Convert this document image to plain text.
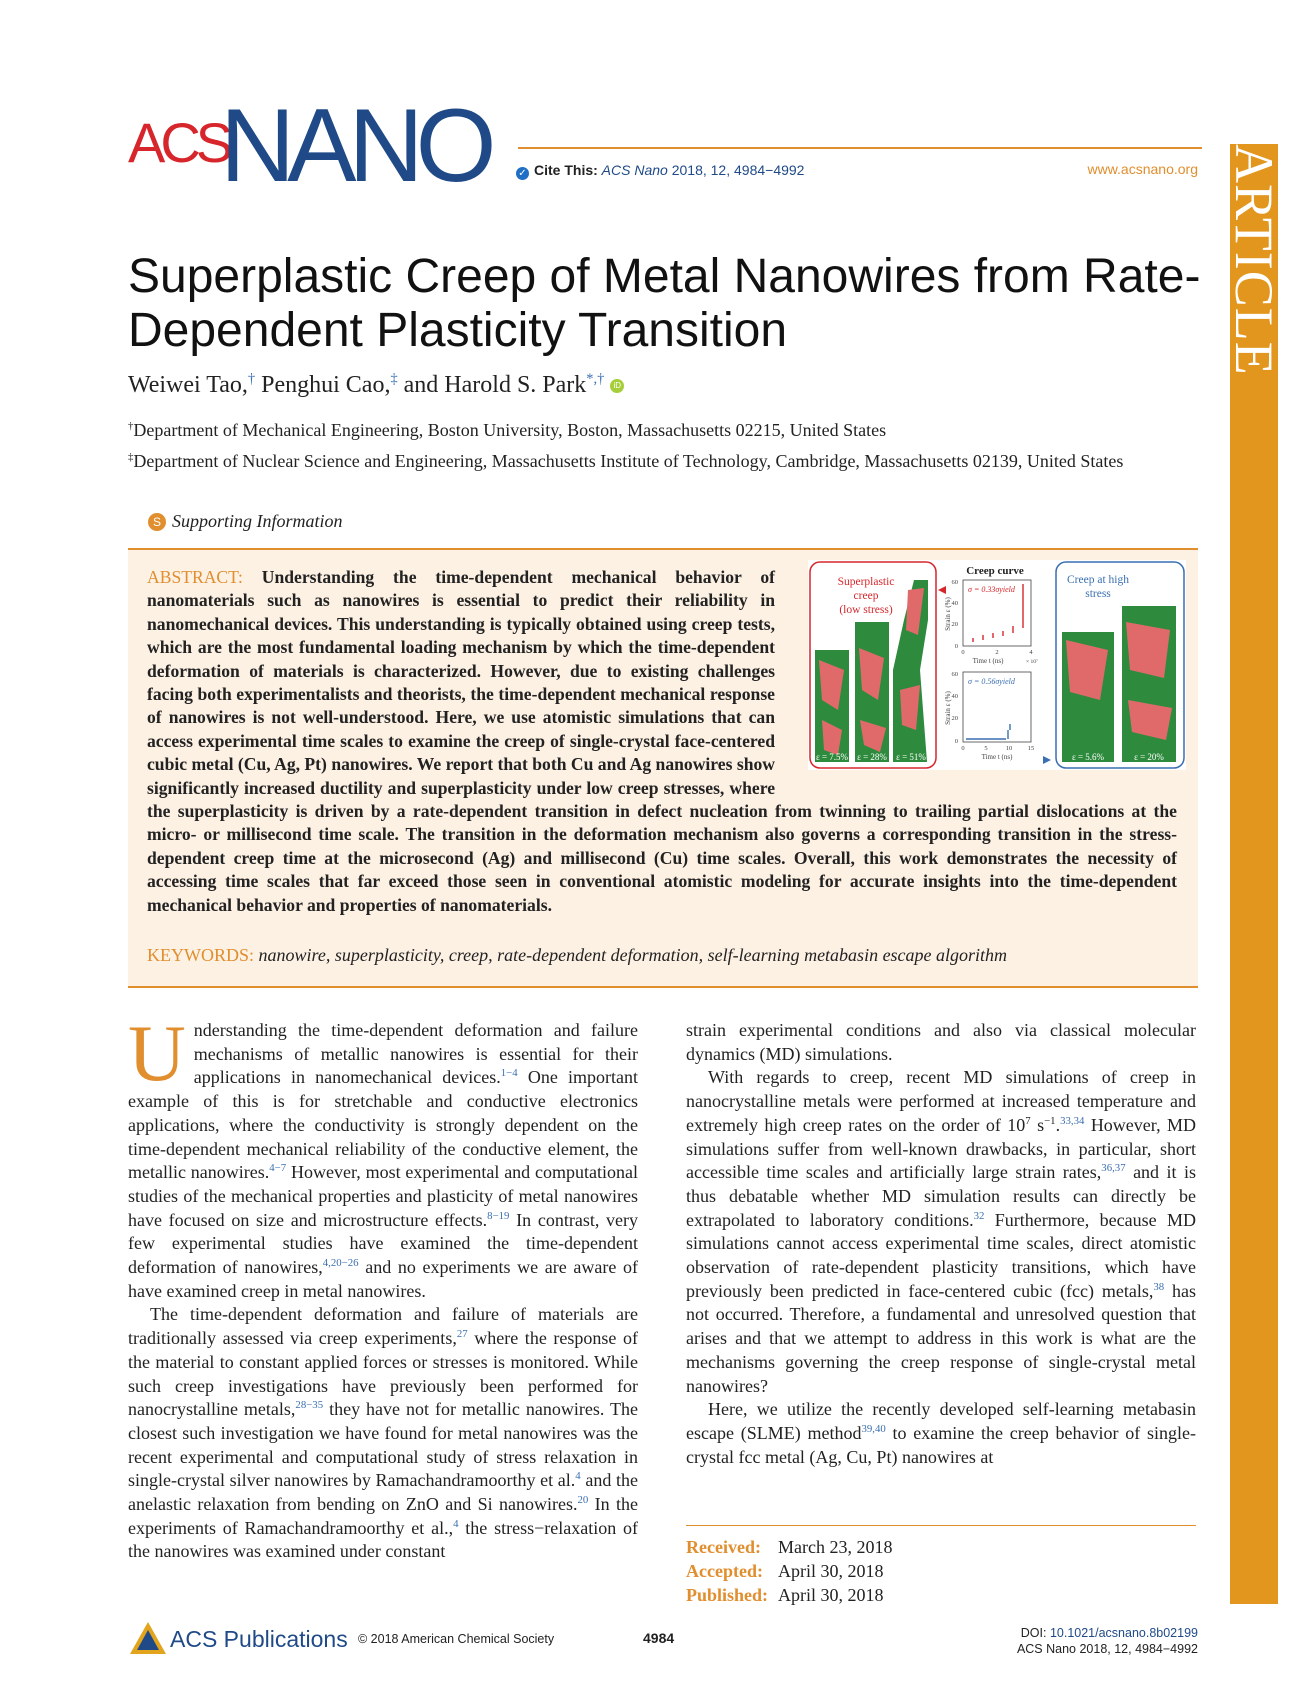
ACS
NANO	✓ Cite This: ACS Nano 2018, 12, 4984−4992	www.acsnano.org ARTICLE
Superplastic Creep of Metal Nanowires from Rate-Dependent Plasticity Transition
Weiwei Tao,† Penghui Cao,‡ and Harold S. Park*,† iD
†Department of Mechanical Engineering, Boston University, Boston, Massachusetts 02215, United States
‡Department of Nuclear Science and Engineering, Massachusetts Institute of Technology, Cambridge, Massachusetts 02139, United States
S Supporting Information
ABSTRACT: Understanding the time-dependent mechanical behavior of nanomaterials such as nanowires is essential to predict their reliability in nanomechanical devices. This understanding is typically obtained using creep tests, which are the most fundamental loading mechanism by which the time-dependent deformation of materials is characterized. However, due to existing challenges facing both experimentalists and theorists, the time-dependent mechanical response of nanowires is not well-understood. Here, we use atomistic simulations that can access experimental time scales to examine the creep of single-crystal face-centered cubic metal (Cu, Ag, Pt) nanowires. We report that both Cu and Ag nanowires show significantly increased ductility and superplasticity under low creep stresses, where the superplasticity is driven by a rate-dependent transition in defect nucleation from twinning to trailing partial dislocations at the micro- or millisecond time scale. The transition in the deformation mechanism also governs a corresponding transition in the stress-dependent creep time at the microsecond (Ag) and millisecond (Cu) time scales. Overall, this work demonstrates the necessity of accessing time scales that far exceed those seen in conventional atomistic modeling for accurate insights into the time-dependent mechanical behavior and properties of nanomaterials.
KEYWORDS: nanowire, superplasticity, creep, rate-dependent deformation, self-learning metabasin escape algorithm
Superplastic
creep
(low stress)
ε = 7.5% ε = 28% ε = 51%
Creep curve
σ = 0.33σyield
60
40
20
0
0	2	4
Time t (ns)	× 10⁷
Strain ε (%)
σ = 0.56σyield
60
40
20
0
0	5	10 15
Time t (ns)
Strain ε (%)
Creep at high
stress
ε = 5.6%	ε = 20%

Understanding the time-dependent deformation and failure mechanisms of metallic nanowires is essential for their applications in nanomechanical devices.$^{1-4}$ One important example of this is for stretchable and conductive electronics applications, where the conductivity is strongly dependent on the time-dependent mechanical reliability of the conductive element, the metallic nanowires.$^{4-7}$ However, most experimental and computational studies of the mechanical properties and plasticity of metal nanowires have focused on size and microstructure effects.$^{8-19}$ In contrast, very few experimental studies have examined the time-dependent deformation of nanowires,$^{4,20-26}$ and no experiments we are aware of have examined creep in metal nanowires.

The time-dependent deformation and failure of materials are traditionally assessed via creep experiments,$^{27}$ where the response of the material to constant applied forces or stresses is monitored. While such creep investigations have previously been performed for nanocrystalline metals,$^{28-35}$ they have not for metallic nanowires. The closest such investigation we have found for metal nanowires was the recent experimental and computational study of stress relaxation in single-crystal silver nanowires by Ramachandramoorthy et al.$^4$ and the anelastic relaxation from bending on ZnO and Si nanowires.$^{20}$ In the experiments of Ramachandramoorthy et al.,$^4$ the stress−relaxation of the nanowires was examined under constant

strain experimental conditions and also via classical molecular dynamics (MD) simulations.

With regards to creep, recent MD simulations of creep in nanocrystalline metals were performed at increased temperature and extremely high creep rates on the order of $10^7$ $s^{-1}.^{33,34}$ However, MD simulations suffer from well-known drawbacks, in particular, short accessible time scales and artificially large strain rates,$^{36,37}$ and it is thus debatable whether MD simulation results can directly be extrapolated to laboratory conditions.$^{32}$ Furthermore, because MD simulations cannot access experimental time scales, direct atomistic observation of rate-dependent plasticity transitions, which have previously been predicted in face-centered cubic (fcc) metals,$^{38}$ has not occurred. Therefore, a fundamental and unresolved question that arises and that we attempt to address in this work is what are the mechanisms governing the creep response of single-crystal metal nanowires?

Here, we utilize the recently developed self-learning metabasin escape (SLME) method$^{39,40}$ to examine the creep behavior of single-crystal fcc metal (Ag, Cu, Pt) nanowires at

Received: March 23, 2018
Accepted: April 30, 2018
Published: April 30, 2018
ACS Publications © 2018 American Chemical Society	4984	DOI: 10.1021/acsnano.8b02199
ACS Nano 2018, 12, 4984−4992
